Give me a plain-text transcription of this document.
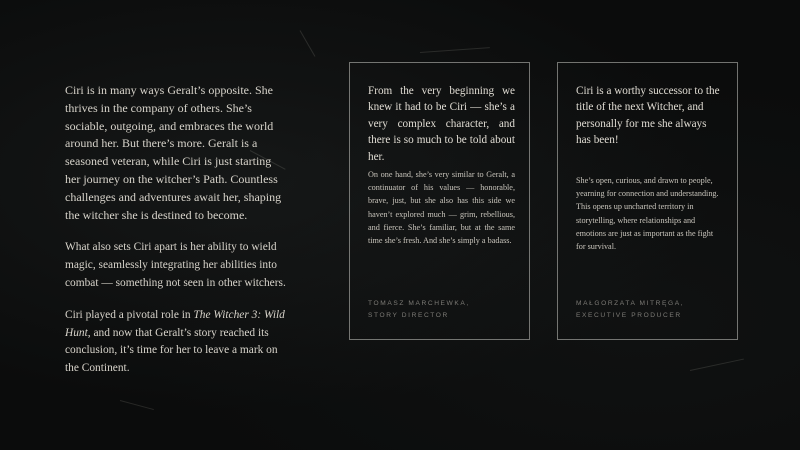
Ciri is in many ways Geralt’s opposite. She thrives in the company of others. She’s sociable, outgoing, and embraces the world around her. But there’s more. Geralt is a seasoned veteran, while Ciri is just starting her journey on the witcher’s Path. Countless challenges and adventures await her, shaping the witcher she is destined to become.

What also sets Ciri apart is her ability to wield magic, seamlessly integrating her abilities into combat — something not seen in other witchers.

Ciri played a pivotal role in The Witcher 3: Wild Hunt, and now that Geralt’s story reached its conclusion, it’s time for her to leave a mark on the Continent.

From the very beginning we knew it had to be Ciri — she’s a very complex character, and there is so much to be told about her.
On one hand, she’s very similar to Geralt, a continuator of his values — honorable, brave, just, but she also has this side we haven’t explored much — grim, rebellious, and fierce. She’s familiar, but at the same time she’s fresh. And she’s simply a badass.
TOMASZ MARCHEWKA,
STORY DIRECTOR
Ciri is a worthy successor to the title of the next Witcher, and personally for me she always has been!
She’s open, curious, and drawn to people, yearning for connection and understanding. This opens up uncharted territory in storytelling, where relationships and emotions are just as important as the fight for survival.
MAŁGORZATA MITRĘGA,
EXECUTIVE PRODUCER
